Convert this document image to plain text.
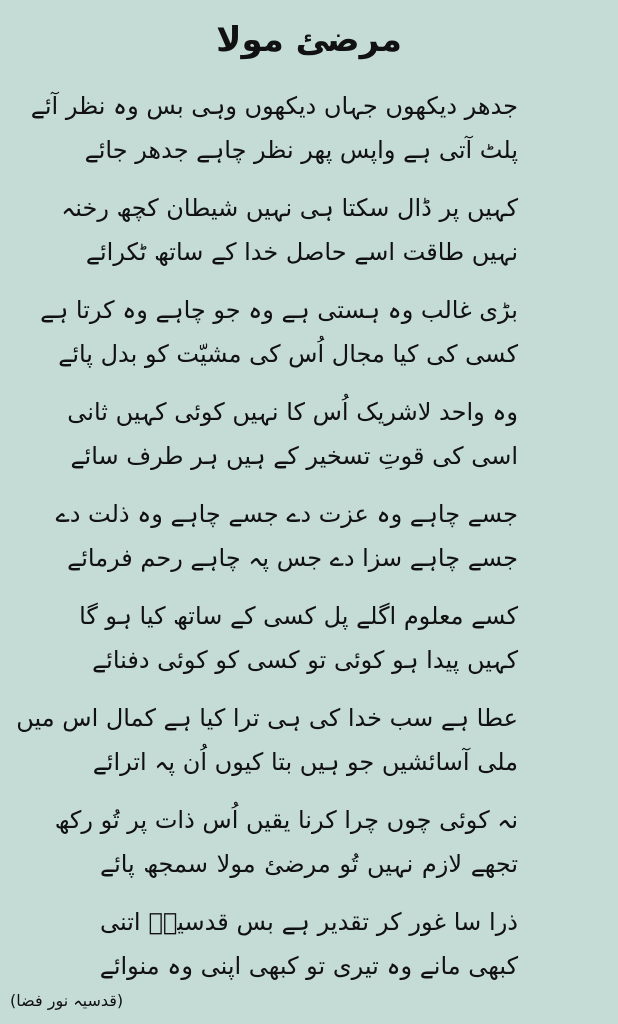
مرضئ مولا
جدھر دیکھوں جہاں دیکھوں وہی بس وہ نظر آئے
پلٹ آتی ہے واپس پھر نظر چاہے جدھر جائے
کہیں پر ڈال سکتا ہی نہیں شیطان کچھ رخنہ
نہیں طاقت اسے حاصل خدا کے ساتھ ٹکرائے
بڑی غالب وہ ہستی ہے وہ جو چاہے وہ کرتا ہے
کسی کی کیا مجال اُس کی مشیّت کو بدل پائے
وہ واحد لاشریک اُس کا نہیں کوئی کہیں ثانی
اسی کی قوتِ تسخیر کے ہیں ہر طرف سائے
جسے چاہے وہ عزت دے جسے چاہے وہ ذلت دے
جسے چاہے سزا دے جس پہ چاہے رحم فرمائے
کسے معلوم اگلے پل کسی کے ساتھ کیا ہو گا
کہیں پیدا ہو کوئی تو کسی کو کوئی دفنائے
عطا ہے سب خدا کی ہی ترا کیا ہے کمال اس میں
ملی آسائشیں جو ہیں بتا کیوں اُن پہ اترائے
نہ کوئی چوں چرا کرنا یقیں اُس ذات پر تُو رکھ
تجھے لازم نہیں تُو مرضئ مولا سمجھ پائے
ذرا سا غور کر تقدیر ہے بس قدسیہؔ اتنی
کبھی مانے وہ تیری تو کبھی اپنی وہ منوائے
(قدسیہ نور فضا)
